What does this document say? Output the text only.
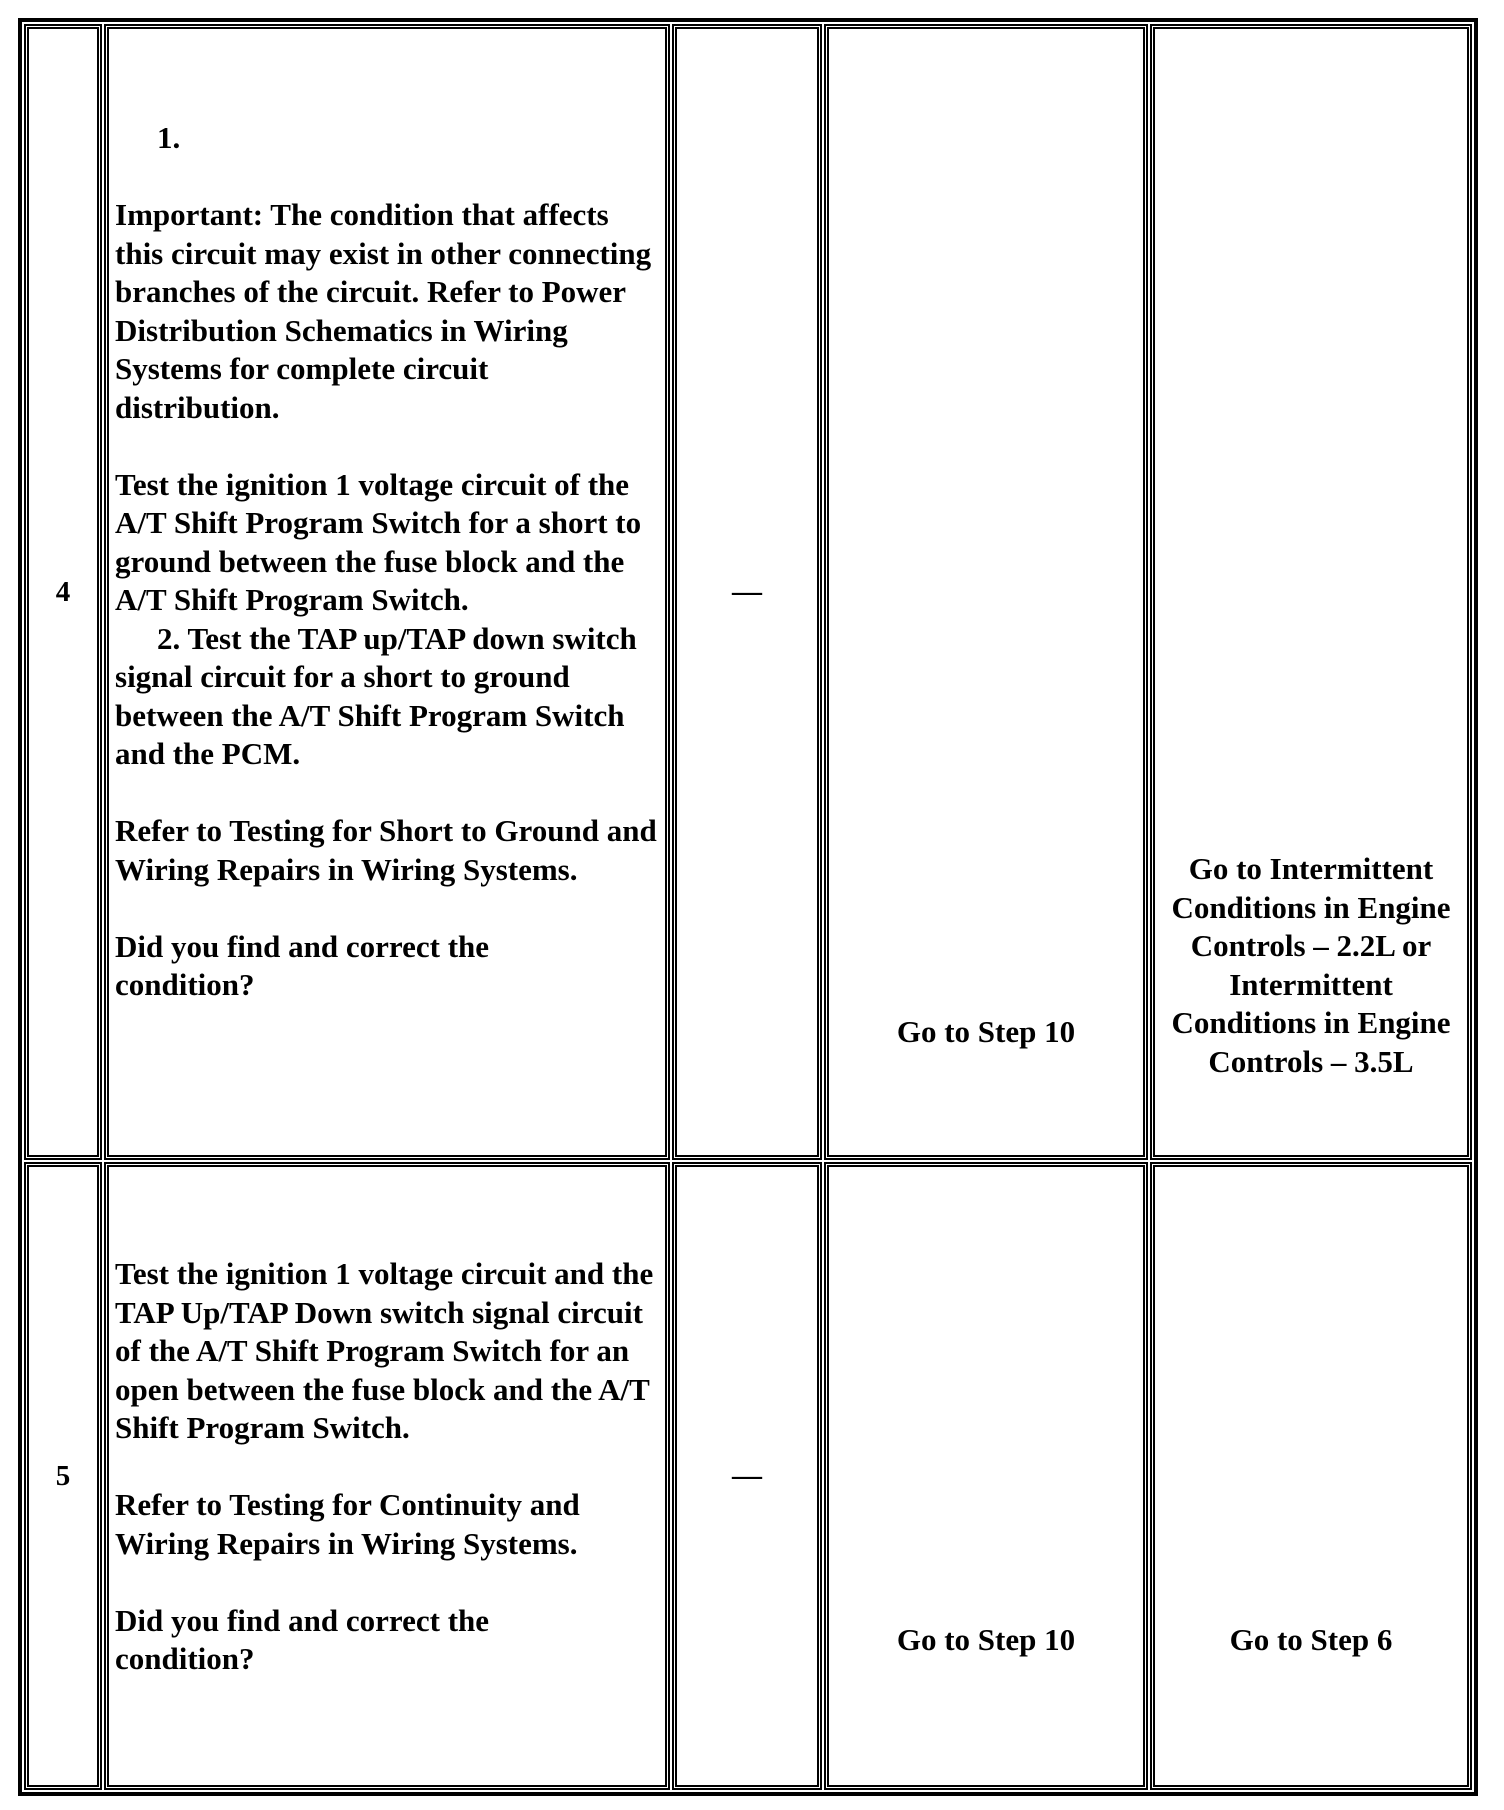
4

1.

Important: The condition that affects this circuit may exist in other connecting branches of the circuit. Refer to Power Distribution Schematics in Wiring Systems for complete circuit distribution.

Test the ignition 1 voltage circuit of the A/T Shift Program Switch for a short to ground between the fuse block and the A/T Shift Program Switch.

2. Test the TAP up/TAP down switch signal circuit for a short to ground between the A/T Shift Program Switch and the PCM.

Refer to Testing for Short to Ground and Wiring Repairs in Wiring Systems.

Did you find and correct the condition?

—
Go to Step 10
Go to Intermittent Conditions in Engine Controls – 2.2L or Intermittent Conditions in Engine Controls – 3.5L
5

Test the ignition 1 voltage circuit and the TAP Up/TAP Down switch signal circuit of the A/T Shift Program Switch for an open between the fuse block and the A/T Shift Program Switch.

Refer to Testing for Continuity and Wiring Repairs in Wiring Systems.

Did you find and correct the condition?

—
Go to Step 10	Go to Step 6
